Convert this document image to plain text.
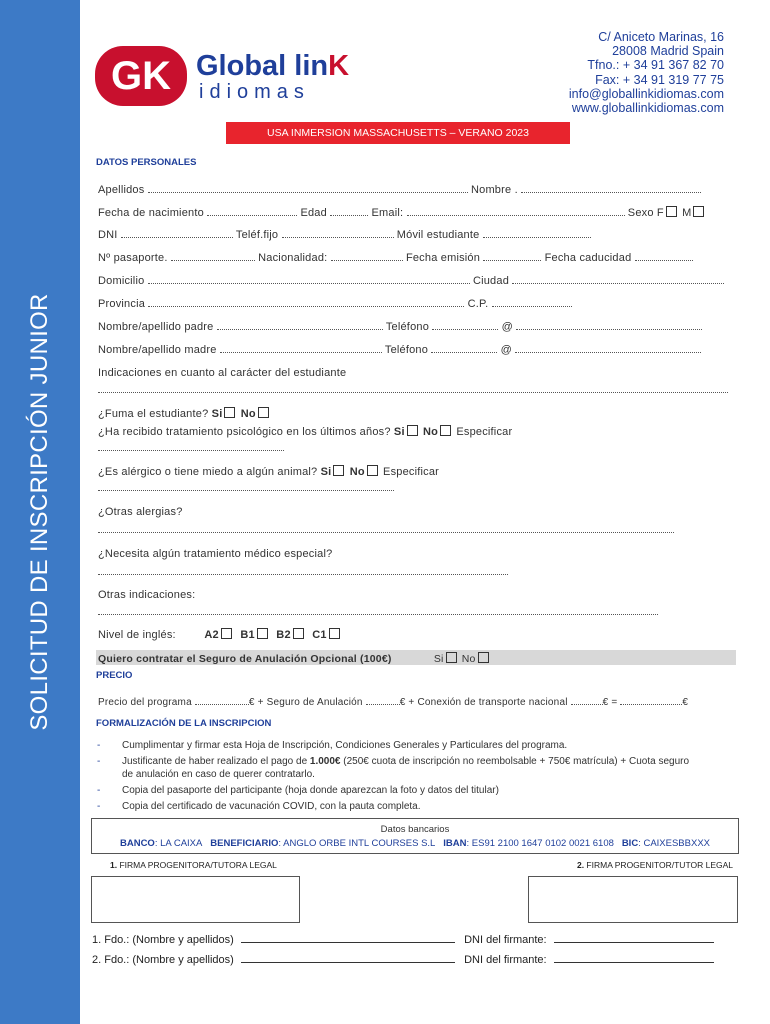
SOLICITUD DE INSCRIPCIÓN JUNIOR
GK Global linK
idiomas
C/ Aniceto Marinas, 16
28008 Madrid Spain
Tfno.: + 34 91 367 82 70
Fax: + 34 91 319 77 75
info@globallinkidiomas.com
www.globallinkidiomas.com
USA INMERSION MASSACHUSETTS – VERANO 2023
DATOS PERSONALES
Apellidos	Nombre .
Fecha de nacimiento	Edad	Email:	Sexo F M
DNI	Teléf.fijo	Móvil estudiante
Nº pasaporte.	Nacionalidad:	Fecha emisión	Fecha caducidad
Domicilio	Ciudad
Provincia	C.P.
Nombre/apellido padre	Teléfono	@
Nombre/apellido madre	Teléfono	@
Indicaciones en cuanto al carácter del estudiante
¿Fuma el estudiante? Si No
¿Ha recibido tratamiento psicológico en los últimos años? Si No Especificar
¿Es alérgico o tiene miedo a algún animal? Si No Especificar
¿Otras alergias?
¿Necesita algún tratamiento médico especial?
Otras indicaciones:
Nivel de inglés:	A2 B1 B2 C1
Quiero contratar el Seguro de Anulación Opcional (100€)	Si No
PRECIO
Precio del programa	€ + Seguro de Anulación	€ + Conexión de transporte nacional	€ =	€
FORMALIZACIÓN DE LA INSCRIPCION
- Cumplimentar y firmar esta Hoja de Inscripción, Condiciones Generales y Particulares del programa.
- Justificante de haber realizado el pago de 1.000€ (250€ cuota de inscripción no reembolsable + 750€ matrícula) + Cuota seguro
de anulación en caso de querer contratarlo.
- Copia del pasaporte del participante (hoja donde aparezcan la foto y datos del titular)
- Copia del certificado de vacunación COVID, con la pauta completa.
Datos bancarios
BANCO: LA CAIXA BENEFICIARIO: ANGLO ORBE INTL COURSES S.L IBAN: ES91 2100 1647 0102 0021 6108 BIC: CAIXESBBXXX
1. FIRMA PROGENITORA/TUTORA LEGAL	2. FIRMA PROGENITOR/TUTOR LEGAL
1. Fdo.: (Nombre y apellidos)	DNI del firmante:
2. Fdo.: (Nombre y apellidos)	DNI del firmante:
